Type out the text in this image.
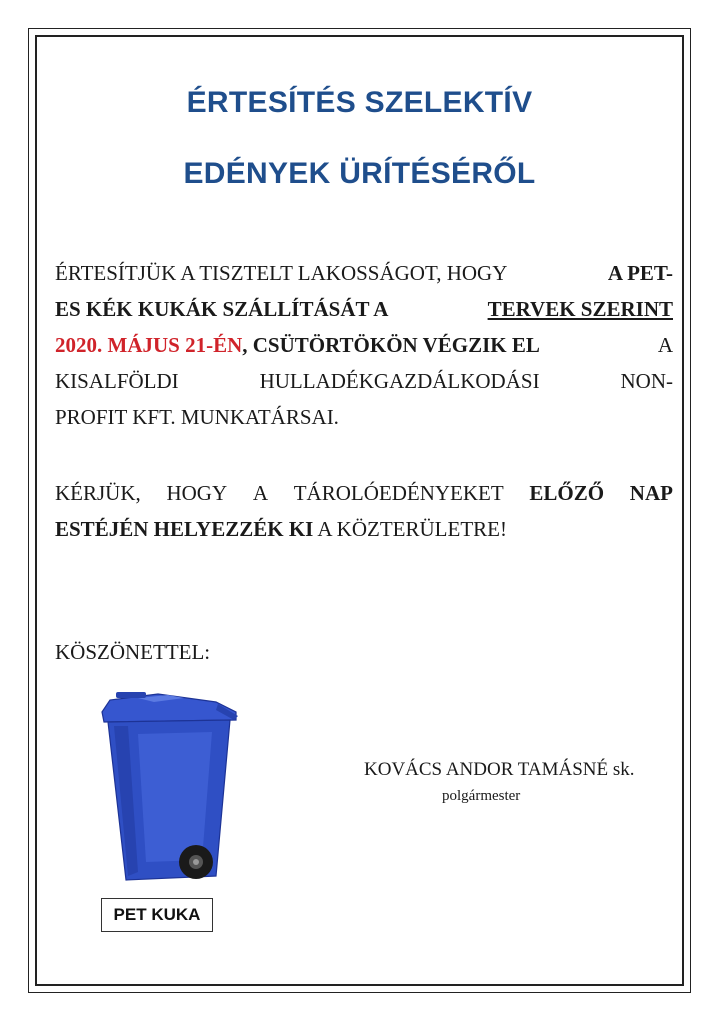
ÉRTESÍTÉS SZELEKTÍV
EDÉNYEK ÜRÍTÉSÉRŐL
ÉRTESÍTJÜK A TISZTELT LAKOSSÁGOT, HOGY	A PET-
ES KÉK KUKÁK SZÁLLÍTÁSÁT A	TERVEK SZERINT
2020. MÁJUS 21-ÉN, CSÜTÖRTÖKÖN VÉGZIK EL	A
KISALFÖLDI	HULLADÉKGAZDÁLKODÁSI	NON-
PROFIT KFT. MUNKATÁRSAI.
KÉRJÜK, HOGY A TÁROLÓEDÉNYEKET ELŐZŐ NAP
ESTÉJÉN HELYEZZÉK KI A KÖZTERÜLETRE!
KÖSZÖNETTEL:
PET KUKA
KOVÁCS ANDOR TAMÁSNÉ sk.
polgármester
